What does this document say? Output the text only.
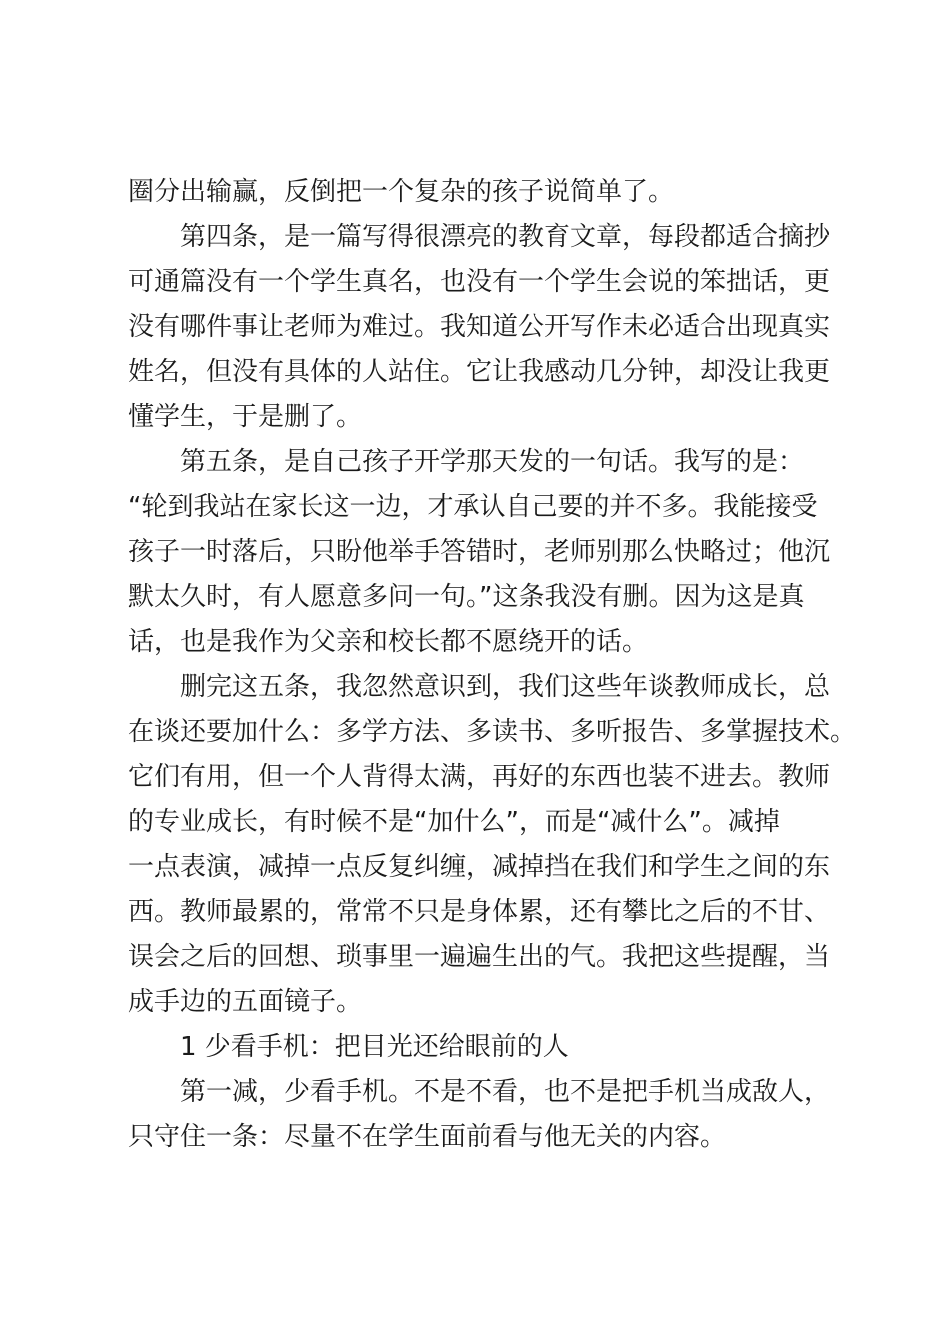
圈分出输赢，反倒把一个复杂的孩子说简单了。
第四条，是一篇写得很漂亮的教育文章，每段都适合摘抄
可通篇没有一个学生真名，也没有一个学生会说的笨拙话，更
没有哪件事让老师为难过。我知道公开写作未必适合出现真实
姓名，但没有具体的人站住。它让我感动几分钟，却没让我更
懂学生，于是删了。
第五条，是自己孩子开学那天发的一句话。我写的是：
“轮到我站在家长这一边，才承认自己要的并不多。我能接受
孩子一时落后，只盼他举手答错时，老师别那么快略过；他沉
默太久时，有人愿意多问一句。”这条我没有删。因为这是真
话，也是我作为父亲和校长都不愿绕开的话。
删完这五条，我忽然意识到，我们这些年谈教师成长，总
在谈还要加什么：多学方法、多读书、多听报告、多掌握技术。
它们有用，但一个人背得太满，再好的东西也装不进去。教师
的专业成长，有时候不是“加什么”，而是“减什么”。减掉
一点表演，减掉一点反复纠缠，减掉挡在我们和学生之间的东
西。教师最累的，常常不只是身体累，还有攀比之后的不甘、
误会之后的回想、琐事里一遍遍生出的气。我把这些提醒，当
成手边的五面镜子。
1 少看手机：把目光还给眼前的人
第一减，少看手机。不是不看，也不是把手机当成敌人，
只守住一条：尽量不在学生面前看与他无关的内容。
